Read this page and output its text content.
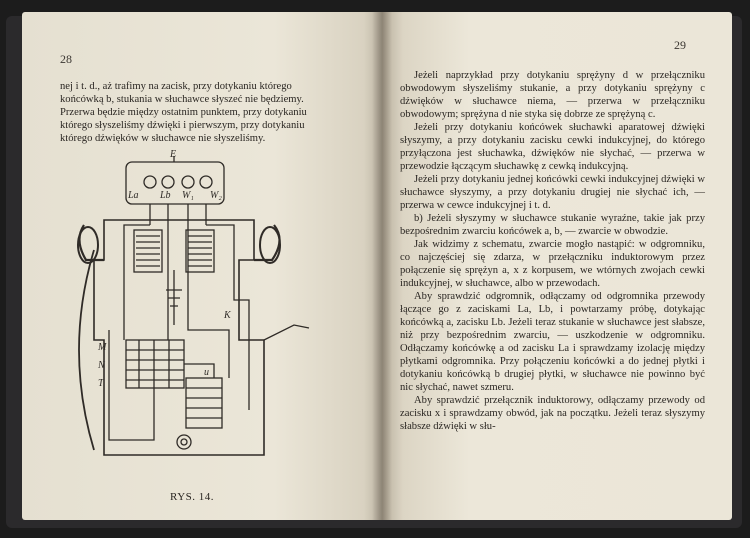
28

nej i t. d., aż trafimy na zacisk, przy dotykaniu którego

końcówką b, stukania w słuchawce słyszeć nie będziemy.

Przerwa będzie między ostatnim punktem, przy dotykaniu

którego słyszeliśmy dźwięki i pierwszym, przy dotykaniu

którego dźwięków w słuchawce nie słyszeliśmy.

E
La Lb W₁ W₂
M
N
T
K
u
RYS. 14.
29

Jeżeli naprzykład przy dotykaniu sprężyny d w przełączniku obwodowym słyszeliśmy stukanie, a przy dotykaniu sprężyny c dźwięków w słuchawce niema, — przerwa w przełączniku obwodowym; sprężyna d nie styka się dobrze ze sprężyną c.

Jeżeli przy dotykaniu końcówek słuchawki aparatowej dźwięki słyszymy, a przy dotykaniu zacisku cewki indukcyjnej, do którego przyłączona jest słuchawka, dźwięków nie słychać, — przerwa w przewodzie łączącym słuchawkę z cewką indukcyjną.

Jeżeli przy dotykaniu jednej końcówki cewki indukcyjnej dźwięki w słuchawce słyszymy, a przy dotykaniu drugiej nie słychać ich, — przerwa w cewce indukcyjnej i t. d.

b) Jeżeli słyszymy w słuchawce stukanie wyraźne, takie jak przy bezpośrednim zwarciu końcówek a, b, — zwarcie w obwodzie.

Jak widzimy z schematu, zwarcie mogło nastąpić: w odgromniku, co najczęściej się zdarza, w przełączniku induktorowym przez połączenie się sprężyn a, x z korpusem, we wtórnych zwojach cewki indukcyjnej, w słuchawce, albo w przewodach.

Aby sprawdzić odgromnik, odłączamy od odgromnika przewody łączące go z zaciskami La, Lb, i powtarzamy próbę, dotykając końcówką a, zacisku Lb. Jeżeli teraz stukanie w słuchawce jest słabsze, niż przy bezpośrednim zwarciu, — uszkodzenie w odgromniku. Odłączamy końcówkę a od zacisku La i sprawdzamy izolację między płytkami odgromnika. Przy połączeniu końcówki a do jednej płytki i dotykaniu końcówką b drugiej płytki, w słuchawce nie powinno być nic słychać, nawet szmeru.

Aby sprawdzić przełącznik induktorowy, odłączamy przewody od zacisku x i sprawdzamy obwód, jak na początku. Jeżeli teraz słyszymy słabsze dźwięki w słu-
